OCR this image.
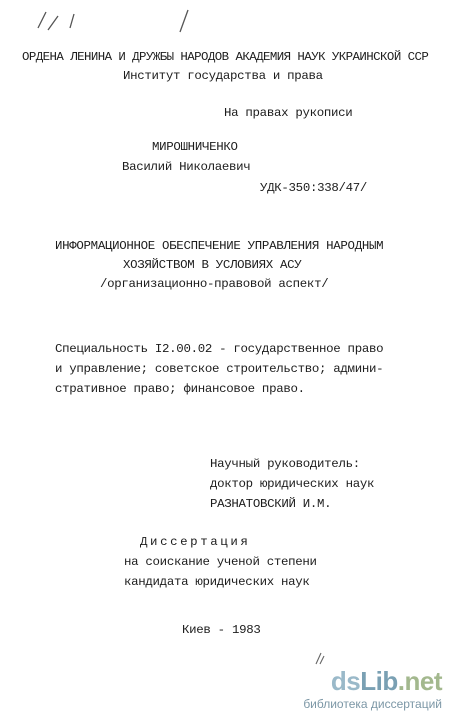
ОРДЕНА ЛЕНИНА И ДРУЖБЫ НАРОДОВ АКАДЕМИЯ НАУК УКРАИНСКОЙ ССР
Институт государства и права
На правах рукописи
МИРОШНИЧЕНКО
Василий Николаевич
УДК-350:338/47/
ИНФОРМАЦИОННОЕ ОБЕСПЕЧЕНИЕ УПРАВЛЕНИЯ НАРОДНЫМ
ХОЗЯЙСТВОМ В УСЛОВИЯХ АСУ
/организационно-правовой аспект/
Специальность I2.00.02 - государственное право
и управление; советское строительство; админи-
стративное право; финансовое право.
Научный руководитель:
доктор юридических наук
РАЗНАТОВСКИЙ И.М.
Диссертация
на соискание ученой степени
кандидата юридических наук
Киев - 1983
dsLib.net
библиотека диссертаций
